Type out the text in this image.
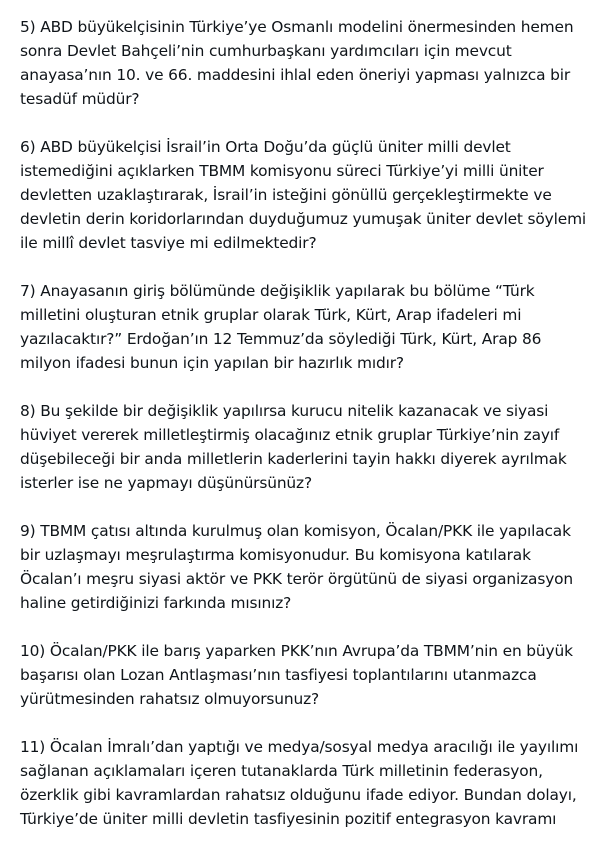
5) ABD büyükelçisinin Türkiye’ye Osmanlı modelini önermesinden hemen sonra Devlet Bahçeli’nin cumhurbaşkanı yardımcıları için mevcut anayasa’nın 10. ve 66. maddesini ihlal eden öneriyi yapması yalnızca bir tesadüf müdür?

6) ABD büyükelçisi İsrail’in Orta Doğu’da güçlü üniter milli devlet istemediğini açıklarken TBMM komisyonu süreci Türkiye’yi milli üniter devletten uzaklaştırarak, İsrail’in isteğini gönüllü gerçekleştirmekte ve devletin derin koridorlarından duyduğumuz yumuşak üniter devlet söylemi ile millî devlet tasviye mi edilmektedir?

7) Anayasanın giriş bölümünde değişiklik yapılarak bu bölüme “Türk milletini oluşturan etnik gruplar olarak Türk, Kürt, Arap ifadeleri mi yazılacaktır?” Erdoğan’ın 12 Temmuz’da söylediği Türk, Kürt, Arap 86 milyon ifadesi bunun için yapılan bir hazırlık mıdır?

8) Bu şekilde bir değişiklik yapılırsa kurucu nitelik kazanacak ve siyasi hüviyet vererek milletleştirmiş olacağınız etnik gruplar Türkiye’nin zayıf düşebileceği bir anda milletlerin kaderlerini tayin hakkı diyerek ayrılmak isterler ise ne yapmayı düşünürsünüz?

9) TBMM çatısı altında kurulmuş olan komisyon, Öcalan/PKK ile yapılacak bir uzlaşmayı meşrulaştırma komisyonudur. Bu komisyona katılarak Öcalan’ı meşru siyasi aktör ve PKK terör örgütünü de siyasi organizasyon haline getirdiğinizi farkında mısınız?

10) Öcalan/PKK ile barış yaparken PKK’nın Avrupa’da TBMM’nin en büyük başarısı olan Lozan Antlaşması’nın tasfiyesi toplantılarını utanmazca yürütmesinden rahatsız olmuyorsunuz?

11) Öcalan İmralı’dan yaptığı ve medya/sosyal medya aracılığı ile yayılımı sağlanan açıklamaları içeren tutanaklarda Türk milletinin federasyon, özerklik gibi kavramlardan rahatsız olduğunu ifade ediyor. Bundan dolayı, Türkiye’de üniter milli devletin tasfiyesinin pozitif entegrasyon kavramı
